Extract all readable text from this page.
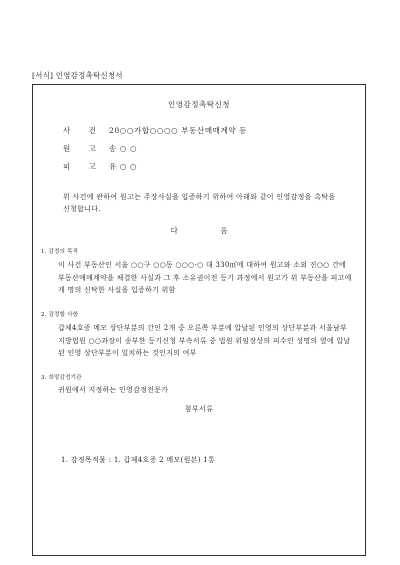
[서식] 인영감정촉탁신청서
인영감정촉탁신청
사 건 20○○가합○○○○ 부동산매매계약 등
원 고 송 ○ ○
피 고 유 ○ ○
위 사건에 관하여 원고는 주장사실을 입증하기 위하여 아래와 같이 인영감정을 촉탁을 신청합니다.
다 음
1. 감정의 목적
이 사건 부동산인 서울 ○○구 ○○동 ○○○-○ 대 330㎡에 대하여 원고와 소외 진○○ 간에 부동산매매계약을 체결한 사실과 그 후 소유권이전 등기 과정에서 원고가 위 부동산을 피고에게 명의 신탁한 사실을 입증하기 위함
2. 감정할 사항
갑제4호증 메모 상단부분의 간인 2개 중 오른쪽 부분에 압날된 인영의 상단부분과 서울남부지방법원 ○○과장이 송부한 등기신청 부속서류 중 법원 위임장상의 피수인 성명의 옆에 압날된 인영 상단부분이 일치하는 것인지의 여부
3. 희망감정기관
귀원에서 지정하는 인영감정전문가
첨부서류
1. 감정목적물 : 1. 갑제4호증 2 메모(원본) 1통
